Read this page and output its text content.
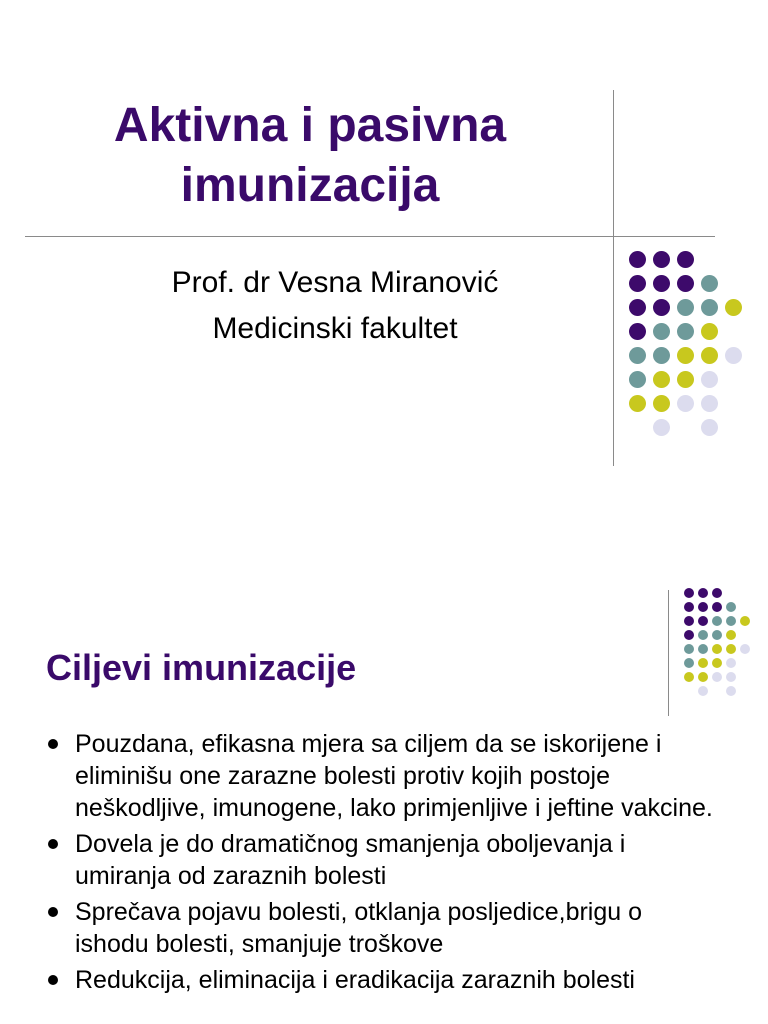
Aktivna i pasivna
imunizacija
Prof. dr Vesna Miranović
Medicinski fakultet
Ciljevi imunizacije
Pouzdana, efikasna mjera sa ciljem da se iskorijene i eliminišu one zarazne bolesti protiv kojih postoje neškodljive, imunogene, lako primjenljive i jeftine vakcine.
Dovela je do dramatičnog smanjenja oboljevanja i umiranja od zaraznih bolesti
Sprečava pojavu bolesti, otklanja posljedice,brigu o ishodu bolesti, smanjuje troškove
Redukcija, eliminacija i eradikacija zaraznih bolesti
